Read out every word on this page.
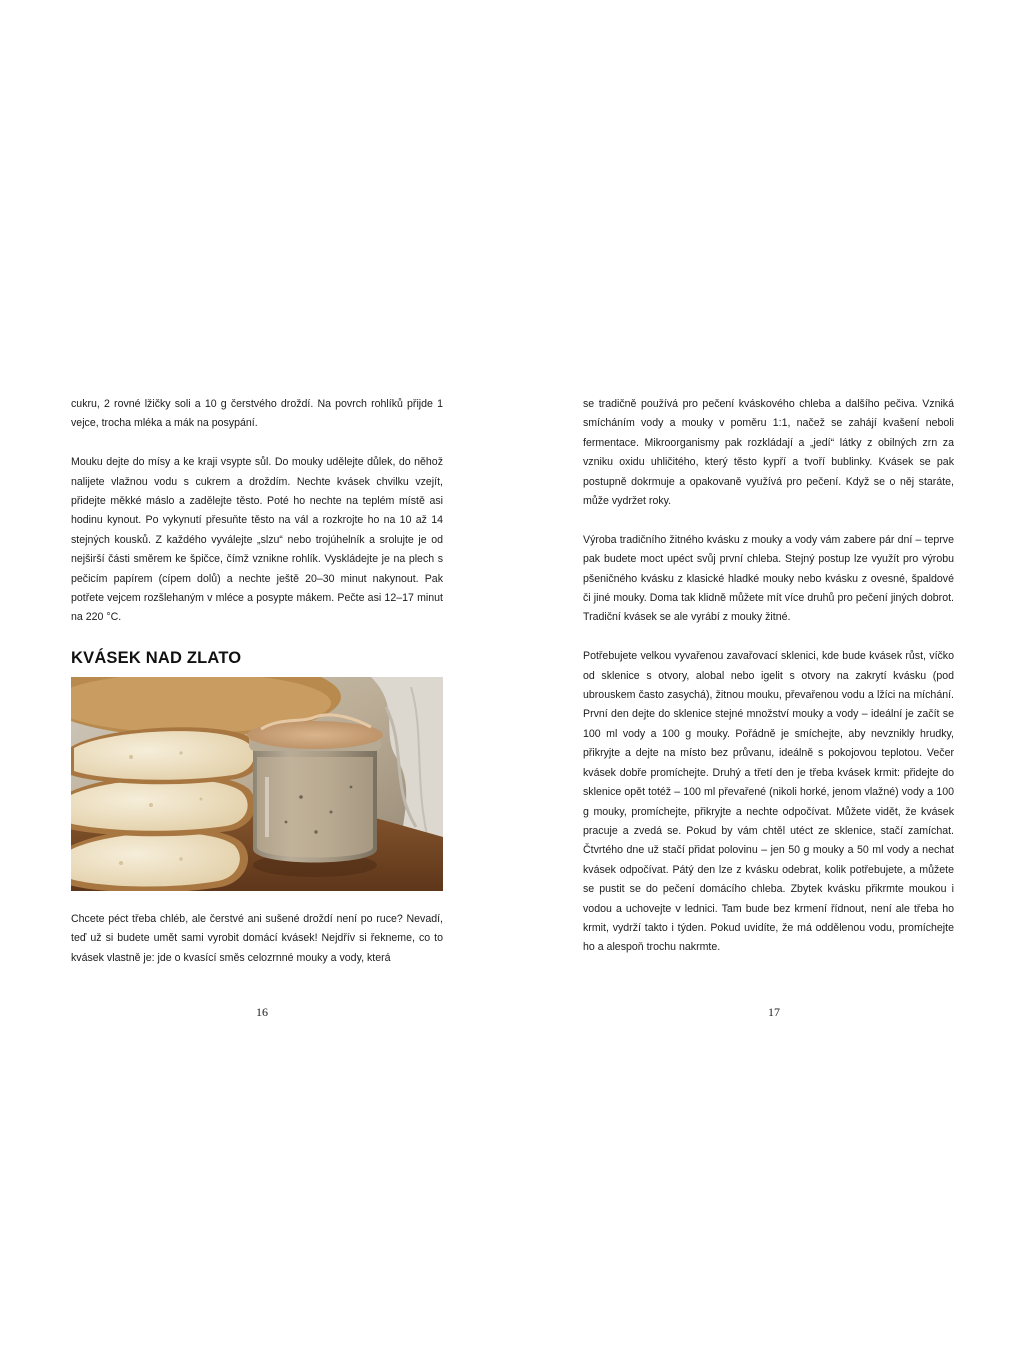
cukru, 2 rovné lžičky soli a 10 g čerstvého droždí. Na povrch rohlíků přijde 1 vejce, trocha mléka a mák na posypání.

Mouku dejte do mísy a ke kraji vsypte sůl. Do mouky udělejte důlek, do něhož nalijete vlažnou vodu s cukrem a droždím. Nechte kvásek chvilku vzejít, přidejte měkké máslo a zadělejte těsto. Poté ho nechte na teplém místě asi hodinu kynout. Po vykynutí přesuňte těsto na vál a rozkrojte ho na 10 až 14 stejných kousků. Z každého vyválejte „slzu“ nebo trojúhelník a srolujte je od nejširší části směrem ke špičce, čímž vznikne rohlík. Vyskládejte je na plech s pečicím papírem (cípem dolů) a nechte ještě 20–30 minut nakynout. Pak potřete vejcem rozšlehaným v mléce a posypte mákem. Pečte asi 12–17 minut na 220 °C.

KVÁSEK NAD ZLATO

Chcete péct třeba chléb, ale čerstvé ani sušené droždí není po ruce? Nevadí, teď už si budete umět sami vyrobit domácí kvásek! Nejdřív si řekneme, co to kvásek vlastně je: jde o kvasící směs celozrnné mouky a vody, která

se tradičně používá pro pečení kváskového chleba a dalšího pečiva. Vzniká smícháním vody a mouky v poměru 1:1, načež se zahájí kvašení neboli fermentace. Mikroorganismy pak rozkládají a „jedí“ látky z obilných zrn za vzniku oxidu uhličitého, který těsto kypří a tvoří bublinky. Kvásek se pak postupně dokrmuje a opakovaně využívá pro pečení. Když se o něj staráte, může vydržet roky.

Výroba tradičního žitného kvásku z mouky a vody vám zabere pár dní – teprve pak budete moct upéct svůj první chleba. Stejný postup lze využít pro výrobu pšeničného kvásku z klasické hladké mouky nebo kvásku z ovesné, špaldové či jiné mouky. Doma tak klidně můžete mít více druhů pro pečení jiných dobrot. Tradiční kvásek se ale vyrábí z mouky žitné.

Potřebujete velkou vyvařenou zavařovací sklenici, kde bude kvásek růst, víčko od sklenice s otvory, alobal nebo igelit s otvory na zakrytí kvásku (pod ubrouskem často zasychá), žitnou mouku, převařenou vodu a lžíci na míchání. První den dejte do sklenice stejné množství mouky a vody – ideální je začít se 100 ml vody a 100 g mouky. Pořádně je smíchejte, aby nevznikly hrudky, přikryjte a dejte na místo bez průvanu, ideálně s pokojovou teplotou. Večer kvásek dobře promíchejte. Druhý a třetí den je třeba kvásek krmit: přidejte do sklenice opět totéž – 100 ml převařené (nikoli horké, jenom vlažné) vody a 100 g mouky, promíchejte, přikryjte a nechte odpočívat. Můžete vidět, že kvásek pracuje a zvedá se. Pokud by vám chtěl utéct ze sklenice, stačí zamíchat. Čtvrtého dne už stačí přidat polovinu – jen 50 g mouky a 50 ml vody a nechat kvásek odpočívat. Pátý den lze z kvásku odebrat, kolik potřebujete, a můžete se pustit se do pečení domácího chleba. Zbytek kvásku přikrmte moukou i vodou a uchovejte v lednici. Tam bude bez krmení řídnout, není ale třeba ho krmit, vydrží takto i týden. Pokud uvidíte, že má oddělenou vodu, promíchejte ho a alespoň trochu nakrmte.

16	17
